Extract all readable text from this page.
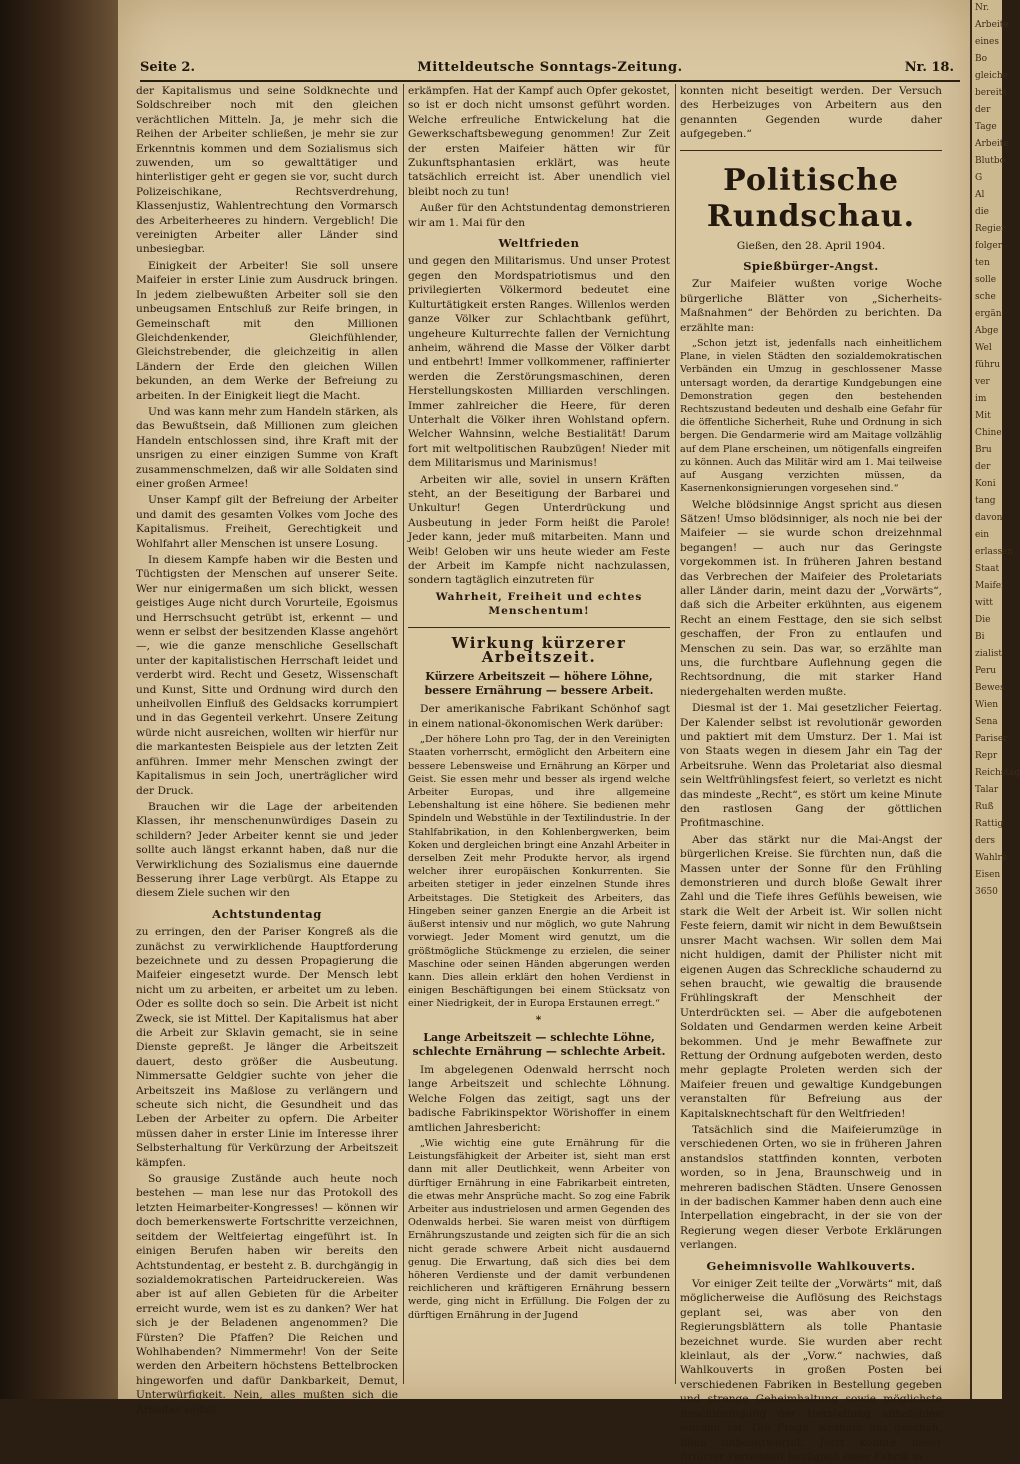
Seite 2.	Mitteldeutsche Sonntags-Zeitung.	Nr. 18.

der Kapitalismus und seine Soldknechte und Soldschreiber noch mit den gleichen verächtlichen Mitteln. Ja, je mehr sich die Reihen der Arbeiter schließen, je mehr sie zur Erkenntnis kommen und dem Sozialismus sich zuwenden, um so gewalttätiger und hinterlistiger geht er gegen sie vor, sucht durch Polizeischikane, Rechtsverdrehung, Klassenjustiz, Wahlentrechtung den Vormarsch des Arbeiterheeres zu hindern. Vergeblich! Die vereinigten Arbeiter aller Länder sind unbesiegbar.

Einigkeit der Arbeiter! Sie soll unsere Maifeier in erster Linie zum Ausdruck bringen. In jedem zielbewußten Arbeiter soll sie den unbeugsamen Entschluß zur Reife bringen, in Gemeinschaft mit den Millionen Gleichdenkender, Gleichfühlender, Gleichstrebender, die gleichzeitig in allen Ländern der Erde den gleichen Willen bekunden, an dem Werke der Befreiung zu arbeiten. In der Einigkeit liegt die Macht.

Und was kann mehr zum Handeln stärken, als das Bewußtsein, daß Millionen zum gleichen Handeln entschlossen sind, ihre Kraft mit der unsrigen zu einer einzigen Summe von Kraft zusammenschmelzen, daß wir alle Soldaten sind einer großen Armee!

Unser Kampf gilt der Befreiung der Arbeiter und damit des gesamten Volkes vom Joche des Kapitalismus. Freiheit, Gerechtigkeit und Wohlfahrt aller Menschen ist unsere Losung.

In diesem Kampfe haben wir die Besten und Tüchtigsten der Menschen auf unserer Seite. Wer nur einigermaßen um sich blickt, wessen geistiges Auge nicht durch Vorurteile, Egoismus und Herrschsucht getrübt ist, erkennt — und wenn er selbst der besitzenden Klasse angehört —, wie die ganze menschliche Gesellschaft unter der kapitalistischen Herrschaft leidet und verderbt wird. Recht und Gesetz, Wissenschaft und Kunst, Sitte und Ordnung wird durch den unheilvollen Einfluß des Geldsacks korrumpiert und in das Gegenteil verkehrt. Unsere Zeitung würde nicht ausreichen, wollten wir hierfür nur die markantesten Beispiele aus der letzten Zeit anführen. Immer mehr Menschen zwingt der Kapitalismus in sein Joch, unerträglicher wird der Druck.

Brauchen wir die Lage der arbeitenden Klassen, ihr menschenunwürdiges Dasein zu schildern? Jeder Arbeiter kennt sie und jeder sollte auch längst erkannt haben, daß nur die Verwirklichung des Sozialismus eine dauernde Besserung ihrer Lage verbürgt. Als Etappe zu diesem Ziele suchen wir den

Achtstundentag

zu erringen, den der Pariser Kongreß als die zunächst zu verwirklichende Hauptforderung bezeichnete und zu dessen Propagierung die Maifeier eingesetzt wurde. Der Mensch lebt nicht um zu arbeiten, er arbeitet um zu leben. Oder es sollte doch so sein. Die Arbeit ist nicht Zweck, sie ist Mittel. Der Kapitalismus hat aber die Arbeit zur Sklavin gemacht, sie in seine Dienste gepreßt. Je länger die Arbeitszeit dauert, desto größer die Ausbeutung. Nimmersatte Geldgier suchte von jeher die Arbeitszeit ins Maßlose zu verlängern und scheute sich nicht, die Gesundheit und das Leben der Arbeiter zu opfern. Die Arbeiter müssen daher in erster Linie im Interesse ihrer Selbsterhaltung für Verkürzung der Arbeitszeit kämpfen.

So grausige Zustände auch heute noch bestehen — man lese nur das Protokoll des letzten Heimarbeiter-Kongresses! — können wir doch bemerkenswerte Fortschritte verzeichnen, seitdem der Weltfeiertag eingeführt ist. In einigen Berufen haben wir bereits den Achtstundentag, er besteht z. B. durchgängig in sozialdemokratischen Parteidruckereien. Was aber ist auf allen Gebieten für die Arbeiter erreicht wurde, wem ist es zu danken? Wer hat sich je der Beladenen angenommen? Die Fürsten? Die Pfaffen? Die Reichen und Wohlhabenden? Nimmermehr! Von der Seite werden den Arbeitern höchstens Bettelbrocken hingeworfen und dafür Dankbarkeit, Demut, Unterwürfigkeit. Nein, alles mußten sich die Arbeiter selbst

erkämpfen. Hat der Kampf auch Opfer gekostet, so ist er doch nicht umsonst geführt worden. Welche erfreuliche Entwickelung hat die Gewerkschaftsbewegung genommen! Zur Zeit der ersten Maifeier hätten wir für Zukunftsphantasien erklärt, was heute tatsächlich erreicht ist. Aber unendlich viel bleibt noch zu tun!

Außer für den Achtstundentag demonstrieren wir am 1. Mai für den

Weltfrieden

und gegen den Militarismus. Und unser Protest gegen den Mordspatriotismus und den privilegierten Völkermord bedeutet eine Kulturtätigkeit ersten Ranges. Willenlos werden ganze Völker zur Schlachtbank geführt, ungeheure Kulturrechte fallen der Vernichtung anheim, während die Masse der Völker darbt und entbehrt! Immer vollkommener, raffinierter werden die Zerstörungsmaschinen, deren Herstellungskosten Milliarden verschlingen. Immer zahlreicher die Heere, für deren Unterhalt die Völker ihren Wohlstand opfern. Welcher Wahnsinn, welche Bestialität! Darum fort mit weltpolitischen Raubzügen! Nieder mit dem Militarismus und Marinismus!

Arbeiten wir alle, soviel in unsern Kräften steht, an der Beseitigung der Barbarei und Unkultur! Gegen Unterdrückung und Ausbeutung in jeder Form heißt die Parole! Jeder kann, jeder muß mitarbeiten. Mann und Weib! Geloben wir uns heute wieder am Feste der Arbeit im Kampfe nicht nachzulassen, sondern tagtäglich einzutreten für

Wahrheit, Freiheit und echtes Menschentum!

Wirkung kürzerer Arbeitszeit.
Kürzere Arbeitszeit — höhere Löhne, bessere Ernährung — bessere Arbeit.

Der amerikanische Fabrikant Schönhof sagt in einem national-ökonomischen Werk darüber:

„Der höhere Lohn pro Tag, der in den Vereinigten Staaten vorherrscht, ermöglicht den Arbeitern eine bessere Lebensweise und Ernährung an Körper und Geist. Sie essen mehr und besser als irgend welche Arbeiter Europas, und ihre allgemeine Lebenshaltung ist eine höhere. Sie bedienen mehr Spindeln und Webstühle in der Textilindustrie. In der Stahlfabrikation, in den Kohlenbergwerken, beim Koken und dergleichen bringt eine Anzahl Arbeiter in derselben Zeit mehr Produkte hervor, als irgend welcher ihrer europäischen Konkurrenten. Sie arbeiten stetiger in jeder einzelnen Stunde ihres Arbeitstages. Die Stetigkeit des Arbeiters, das Hingeben seiner ganzen Energie an die Arbeit ist äußerst intensiv und nur möglich, wo gute Nahrung vorwiegt. Jeder Moment wird genutzt, um die größtmögliche Stückmenge zu erzielen, die seiner Maschine oder seinen Händen abgerungen werden kann. Dies allein erklärt den hohen Verdienst in einigen Beschäftigungen bei einem Stücksatz von einer Niedrigkeit, der in Europa Erstaunen erregt.“

*

Lange Arbeitszeit — schlechte Löhne, schlechte Ernährung — schlechte Arbeit.

Im abgelegenen Odenwald herrscht noch lange Arbeitszeit und schlechte Löhnung. Welche Folgen das zeitigt, sagt uns der badische Fabrikinspektor Wörishoffer in einem amtlichen Jahresbericht:

„Wie wichtig eine gute Ernährung für die Leistungsfähigkeit der Arbeiter ist, sieht man erst dann mit aller Deutlichkeit, wenn Arbeiter von dürftiger Ernährung in eine Fabrikarbeit eintreten, die etwas mehr Ansprüche macht. So zog eine Fabrik Arbeiter aus industrielosen und armen Gegenden des Odenwalds herbei. Sie waren meist von dürftigem Ernährungszustande und zeigten sich für die an sich nicht gerade schwere Arbeit nicht ausdauernd genug. Die Erwartung, daß sich dies bei dem höheren Verdienste und der damit verbundenen reichlicheren und kräftigeren Ernährung bessern werde, ging nicht in Erfüllung. Die Folgen der zu dürftigen Ernährung in der Jugend

konnten nicht beseitigt werden. Der Versuch des Herbeizuges von Arbeitern aus den genannten Gegenden wurde daher aufgegeben.“

Politische Rundschau.

Gießen, den 28. April 1904.

Spießbürger-Angst.

Zur Maifeier wußten vorige Woche bürgerliche Blätter von „Sicherheits-Maßnahmen“ der Behörden zu berichten. Da erzählte man:

„Schon jetzt ist, jedenfalls nach einheitlichem Plane, in vielen Städten den sozialdemokratischen Verbänden ein Umzug in geschlossener Masse untersagt worden, da derartige Kundgebungen eine Demonstration gegen den bestehenden Rechtszustand bedeuten und deshalb eine Gefahr für die öffentliche Sicherheit, Ruhe und Ordnung in sich bergen. Die Gendarmerie wird am Maitage vollzählig auf dem Plane erscheinen, um nötigenfalls eingreifen zu können. Auch das Militär wird am 1. Mai teilweise auf Ausgang verzichten müssen, da Kasernenkonsignierungen vorgesehen sind.“

Welche blödsinnige Angst spricht aus diesen Sätzen! Umso blödsinniger, als noch nie bei der Maifeier — sie wurde schon dreizehnmal begangen! — auch nur das Geringste vorgekommen ist. In früheren Jahren bestand das Verbrechen der Maifeier des Proletariats aller Länder darin, meint dazu der „Vorwärts“, daß sich die Arbeiter erkühnten, aus eigenem Recht an einem Festtage, den sie sich selbst geschaffen, der Fron zu entlaufen und Menschen zu sein. Das war, so erzählte man uns, die furchtbare Auflehnung gegen die Rechtsordnung, die mit starker Hand niedergehalten werden mußte.

Diesmal ist der 1. Mai gesetzlicher Feiertag. Der Kalender selbst ist revolutionär geworden und paktiert mit dem Umsturz. Der 1. Mai ist von Staats wegen in diesem Jahr ein Tag der Arbeitsruhe. Wenn das Proletariat also diesmal sein Weltfrühlingsfest feiert, so verletzt es nicht das mindeste „Recht“, es stört um keine Minute den rastlosen Gang der göttlichen Profitmaschine.

Aber das stärkt nur die Mai-Angst der bürgerlichen Kreise. Sie fürchten nun, daß die Massen unter der Sonne für den Frühling demonstrieren und durch bloße Gewalt ihrer Zahl und die Tiefe ihres Gefühls beweisen, wie stark die Welt der Arbeit ist. Wir sollen nicht Feste feiern, damit wir nicht in dem Bewußtsein unsrer Macht wachsen. Wir sollen dem Mai nicht huldigen, damit der Philister nicht mit eigenen Augen das Schreckliche schaudernd zu sehen braucht, wie gewaltig die brausende Frühlingskraft der Menschheit der Unterdrückten sei. — Aber die aufgebotenen Soldaten und Gendarmen werden keine Arbeit bekommen. Und je mehr Bewaffnete zur Rettung der Ordnung aufgeboten werden, desto mehr geplagte Proleten werden sich der Maifeier freuen und gewaltige Kundgebungen veranstalten für Befreiung aus der Kapitalsknechtschaft für den Weltfrieden!

Tatsächlich sind die Maifeierumzüge in verschiedenen Orten, wo sie in früheren Jahren anstandslos stattfinden konnten, verboten worden, so in Jena, Braunschweig und in mehreren badischen Städten. Unsere Genossen in der badischen Kammer haben denn auch eine Interpellation eingebracht, in der sie von der Regierung wegen dieser Verbote Erklärungen verlangen.

Geheimnisvolle Wahlkouverts.

Vor einiger Zeit teilte der „Vorwärts“ mit, daß möglicherweise die Auflösung des Reichstags geplant sei, was aber von den Regierungsblättern als tolle Phantasie bezeichnet wurde. Sie wurden aber recht kleinlaut, als der „Vorw.“ nachwies, daß Wahlkouverts in großen Posten bei verschiedenen Fabriken in Bestellung gegeben und strenge Geheimhaltung sowie möglichste Beschleunigung der Herstellung anbefohlen worden sei. Die Frage, weshalb das geschah, blieb unbeantwortet. Jetzt konnte unser Erfurter Parteiblatt bezüglich einer Fabrik in

Nr.
Arbeite
eines
Bo
gleiche
bereits
der
Tage
Arbeite
Blutbo
G
Al
die
Regier
folger
ten
solle
sche
ergän
Abge
Wel
führu
ver
im
Mit
Chine
Bru
der
Koni
tang
davon
ein
erlassen
Staat
Maifei
witt
Die
Bi
zialist
Peru
Bewes
Wien
Sena
Pariser
Repr
Reichstag
Talar
Ruß
Rattig
ders
Wahlre
Eisen
3650
